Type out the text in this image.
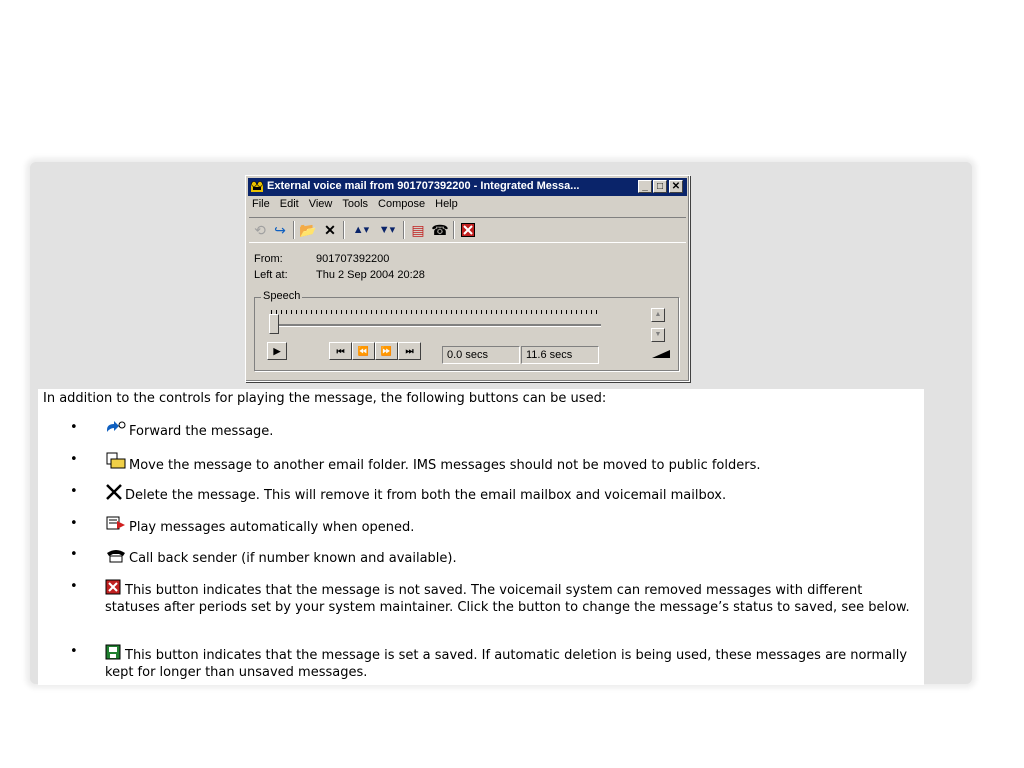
External voice mail from 901707392200 - Integrated Messa...	_ □ ✕
File Edit View Tools Compose Help
⟲ ↪ 📂 ✕	▲▾ ▼▾ ▤ ☎
From:	901707392200
Left at:	Thu 2 Sep 2004 20:28
Speech
▶	⏮	⏪	⏩	⏭	0.0 secs	11.6 secs
▲
▼
In addition to the controls for playing the message, the following buttons can be used:
•	Forward the message.
•	Move the message to another email folder. IMS messages should not be moved to public folders.
•	Delete the message. This will remove it from both the email mailbox and voicemail mailbox.
•	Play messages automatically when opened.
•	Call back sender (if number known and available).
•	This button indicates that the message is not saved. The voicemail system can removed messages with different statuses after periods set by your system maintainer. Click the button to change the message’s status to saved, see below.
•	This button indicates that the message is set a saved. If automatic deletion is being used, these messages are normally kept for longer than unsaved messages.
